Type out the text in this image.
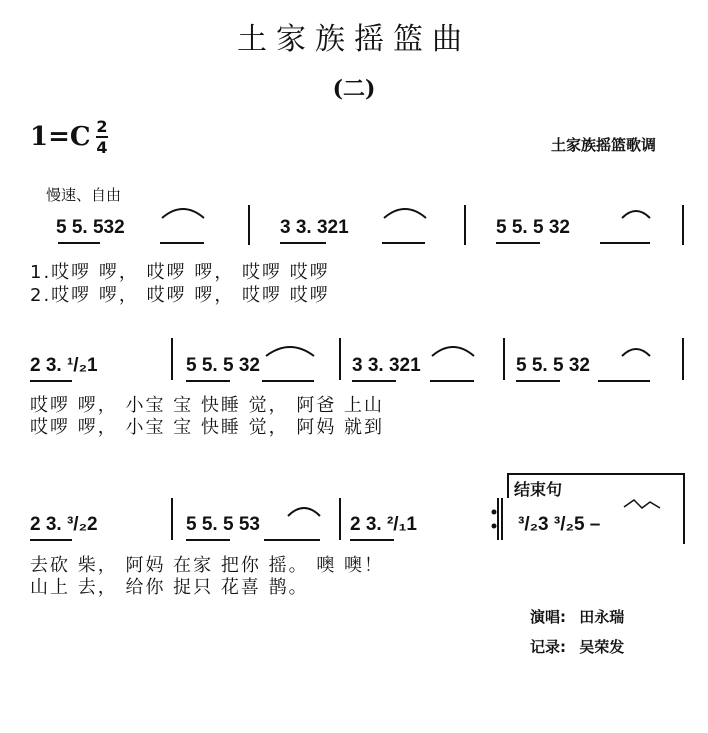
土家族摇篮曲
(二)
1=C 2
4	土家族摇篮歌调
慢速、自由
5 5. 532	3 3. 321	5 5. 5 32
1.哎啰 啰， 哎啰 啰， 哎啰 哎啰
2.哎啰 啰， 哎啰 啰， 哎啰 哎啰
2 3. ¹/₂1	5 5. 5 32	3 3. 321	5 5. 5 32
哎啰 啰， 小宝 宝 快睡 觉， 阿爸 上山
哎啰 啰， 小宝 宝 快睡 觉， 阿妈 就到
结束句
2 3. ³/₂2	5 5. 5 53	2 3. ²/₁1	³/₂3 ³/₂5 –
去砍 柴， 阿妈 在家 把你 摇。 噢 噢！
山上 去， 给你 捉只 花喜 鹊。
演唱: 田永瑞
记录: 吴荣发
